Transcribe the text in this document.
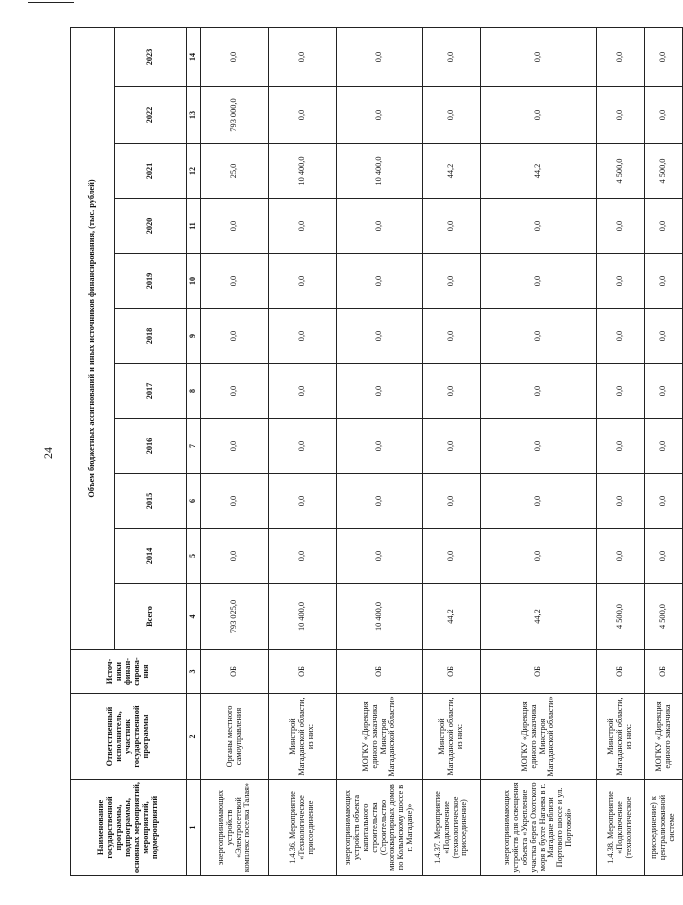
24
Наименование государственной программы, подпрограммы, основных мероприятий, мероприятий, подмероприятий	Ответственный исполнитель, участник государственной программы	Источ-ники финан-сирова-ния	Объем бюджетных ассигнований и иных источников финансирования, (тыс. рублей)										
			Всего	2014	2015	2016	2017	2018	2019	2020	2021	2022	2023
1	2	3	4	5	6	7	8	9	10	11	12	13	14
энергопринимающих устройств «Электросетевой комплекс поселка Талая»	Органы местного самоуправления	ОБ	793 025,0	0,0	0,0	0,0	0,0	0,0	0,0	0,0	25,0	793 000,0	0,0
1.4.36. Мероприятие «Технологическое присоединение	Минстрой Магаданской области, из них:	ОБ	10 400,0	0,0	0,0	0,0	0,0	0,0	0,0	0,0	10 400,0	0,0	0,0
энергопринимающих устройств объекта капитального строительства (Строительство многоквартирных домов по Колымскому шоссе в г. Магадане)»	МОГКУ «Дирекция единого заказчика Минстроя Магаданской области»	ОБ	10 400,0	0,0	0,0	0,0	0,0	0,0	0,0	0,0	10 400,0	0,0	0,0
1.4.37. Мероприятие «Подключение (технологическое присоединение)	Минстрой Магаданской области, из них:	ОБ	44,2	0,0	0,0	0,0	0,0	0,0	0,0	0,0	44,2	0,0	0,0
энергопринимающих устройств для освещения объекта «Укрепление участка берега Охотского моря в бухте Нагаева в г. Магадане вблизи Портового шоссе и ул. Портовой»	МОГКУ «Дирекция единого заказчика Минстроя Магаданской области»	ОБ	44,2	0,0	0,0	0,0	0,0	0,0	0,0	0,0	44,2	0,0	0,0
1.4.38. Мероприятие «Подключение (технологическое	Минстрой Магаданской области, из них:	ОБ	4 500,0	0,0	0,0	0,0	0,0	0,0	0,0	0,0	4 500,0	0,0	0,0
присоединение) к централизованной системе	МОГКУ «Дирекция единого заказчика	ОБ	4 500,0	0,0	0,0	0,0	0,0	0,0	0,0	0,0	4 500,0	0,0	0,0
